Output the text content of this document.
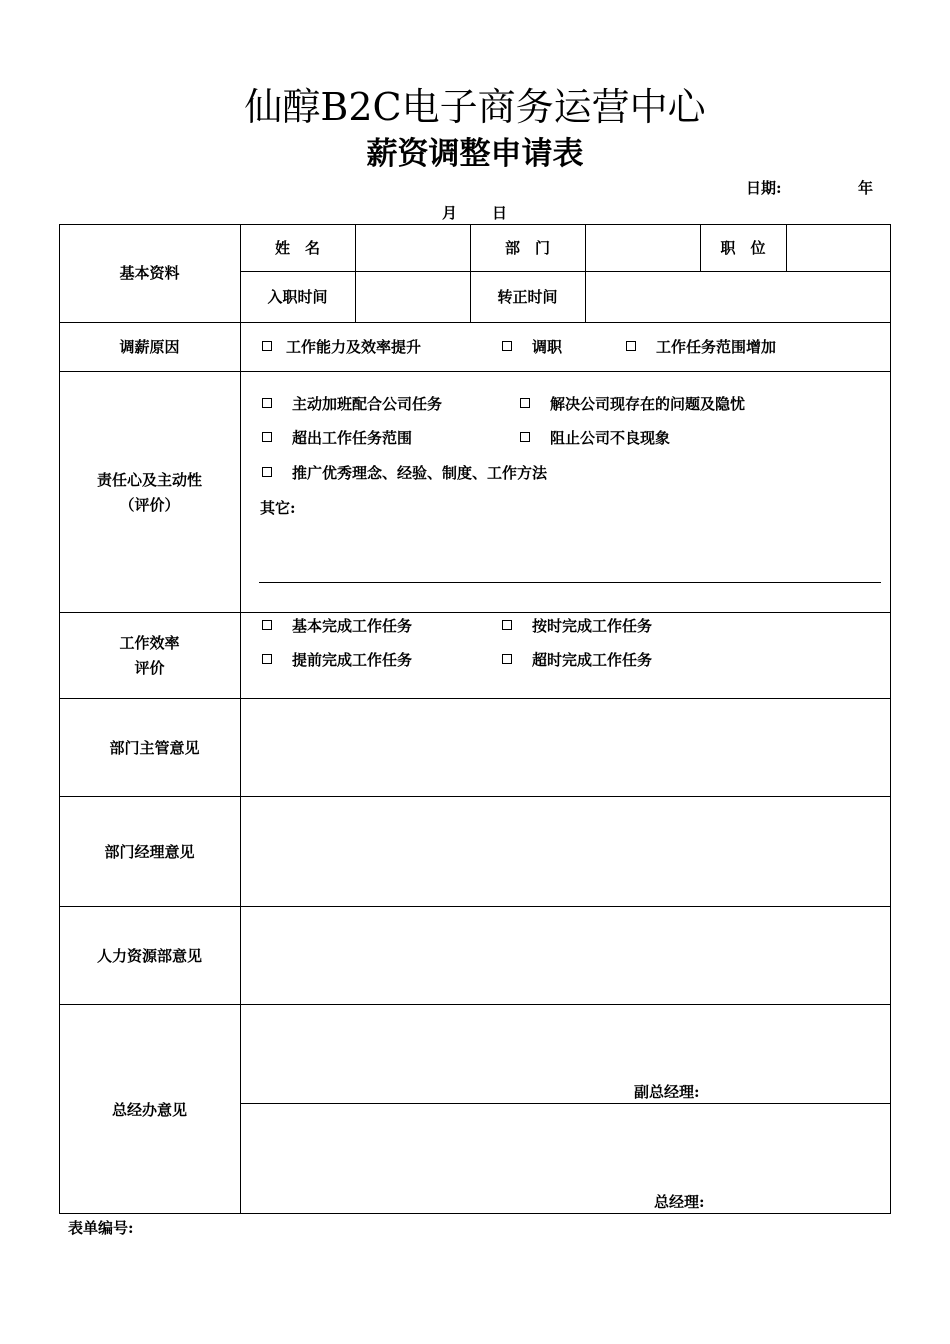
仙醇B2C电子商务运营中心
薪资调整申请表
日期:	年
月 日
基本资料
姓　名	部　门	职　位
入职时间	转正时间
调薪原因	工作能力及效率提升	调职	工作任务范围增加
责任心及主动性
（评价）
主动加班配合公司任务	解决公司现存在的问题及隐忧
超出工作任务范围	阻止公司不良现象
推广优秀理念、经验、制度、工作方法
其它:
工作效率
评价
基本完成工作任务	按时完成工作任务
提前完成工作任务	超时完成工作任务
部门主管意见
部门经理意见
人力资源部意见
总经办意见
副总经理:
总经理:
表单编号:
